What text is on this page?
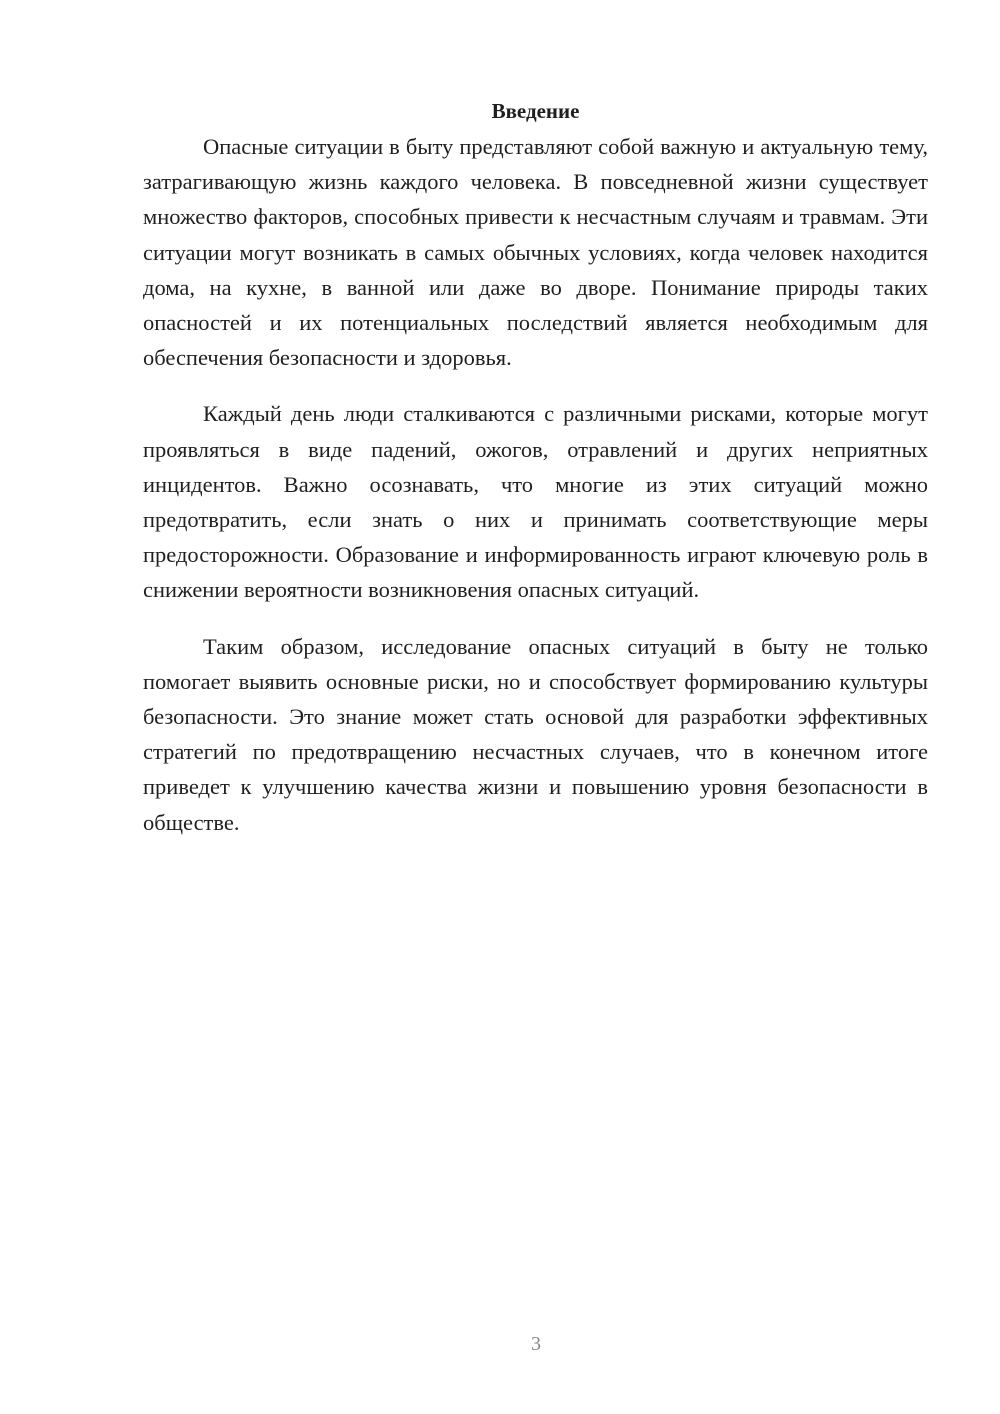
Введение

Опасные ситуации в быту представляют собой важную и актуальную тему, затрагивающую жизнь каждого человека. В повседневной жизни существует множество факторов, способных привести к несчастным случаям и травмам. Эти ситуации могут возникать в самых обычных условиях, когда человек находится дома, на кухне, в ванной или даже во дворе. Понимание природы таких опасностей и их потенциальных последствий является необходимым для обеспечения безопасности и здоровья.

Каждый день люди сталкиваются с различными рисками, которые могут проявляться в виде падений, ожогов, отравлений и других неприятных инцидентов. Важно осознавать, что многие из этих ситуаций можно предотвратить, если знать о них и принимать соответствующие меры предосторожности. Образование и информированность играют ключевую роль в снижении вероятности возникновения опасных ситуаций.

Таким образом, исследование опасных ситуаций в быту не только помогает выявить основные риски, но и способствует формированию культуры безопасности. Это знание может стать основой для разработки эффективных стратегий по предотвращению несчастных случаев, что в конечном итоге приведет к улучшению качества жизни и повышению уровня безопасности в обществе.

3
